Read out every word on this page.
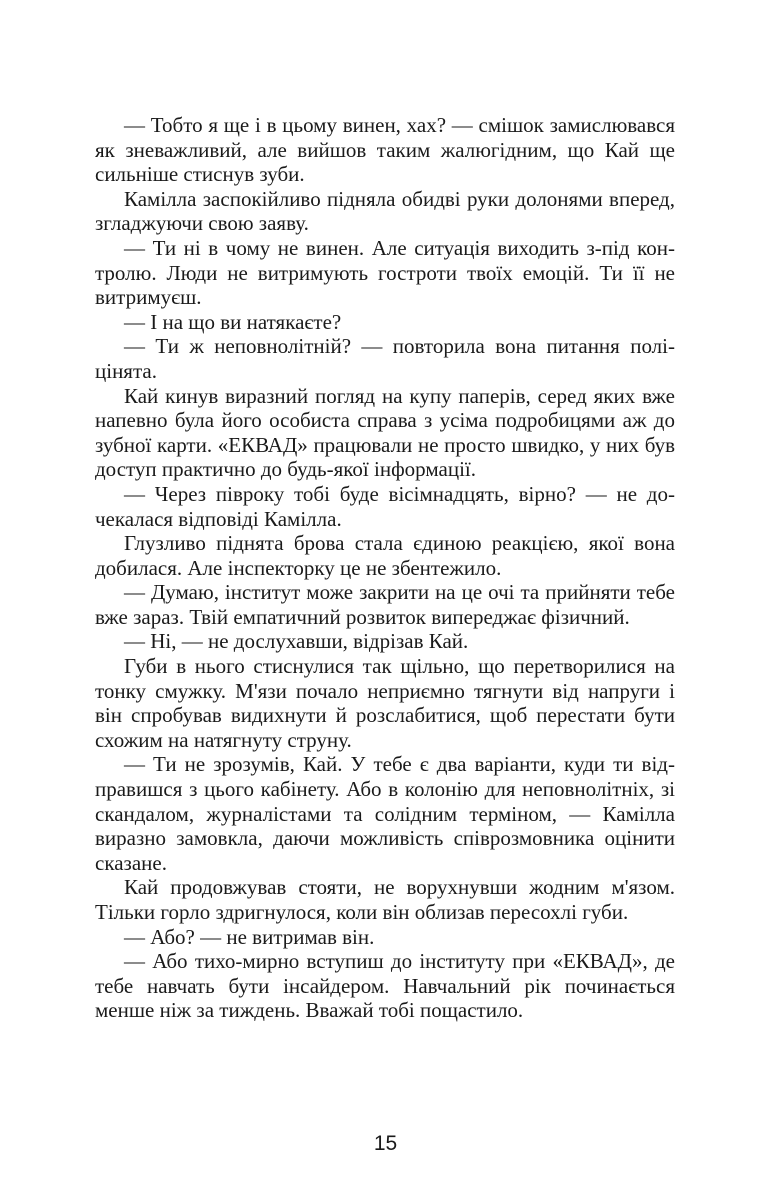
— Тобто я ще і в цьому винен, хах? — смішок замислювався як зневажливий, але вийшов таким жалюгідним, що Кай ще сильніше стиснув зуби.

Камілла заспокійливо підняла обидві руки долонями вперед, згладжуючи свою заяву.

— Ти ні в чому не винен. Але ситуація виходить з-під контролю. Люди не витримують гостроти твоїх емоцій. Ти її не витримуєш.

— І на що ви натякаєте?

— Ти ж неповнолітній? — повторила вона питання поліцінята.

Кай кинув виразний погляд на купу паперів, серед яких вже напевно була його особиста справа з усіма подробицями аж до зубної карти. «ЕКВАД» працювали не просто швидко, у них був доступ практично до будь-якої інформації.

— Через півроку тобі буде вісімнадцять, вірно? — не дочекалася відповіді Камілла.

Глузливо піднята брова стала єдиною реакцією, якої вона добилася. Але інспекторку це не збентежило.

— Думаю, інститут може закрити на це очі та прийняти тебе вже зараз. Твій емпатичний розвиток випереджає фізичний.

— Ні, — не дослухавши, відрізав Кай.

Губи в нього стиснулися так щільно, що перетворилися на тонку смужку. М'язи почало неприємно тягнути від напруги і він спробував видихнути й розслабитися, щоб перестати бути схожим на натягнуту струну.

— Ти не зрозумів, Кай. У тебе є два варіанти, куди ти відправишся з цього кабінету. Або в колонію для неповнолітніх, зі скандалом, журналістами та солідним терміном, — Камілла виразно замовкла, даючи можливість співрозмовника оцінити сказане.

Кай продовжував стояти, не ворухнувши жодним м'язом. Тільки горло здригнулося, коли він облизав пересохлі губи.

— Або? — не витримав він.

— Або тихо-мирно вступиш до інституту при «ЕКВАД», де тебе навчать бути інсайдером. Навчальний рік починається менше ніж за тиждень. Вважай тобі пощастило.

15
